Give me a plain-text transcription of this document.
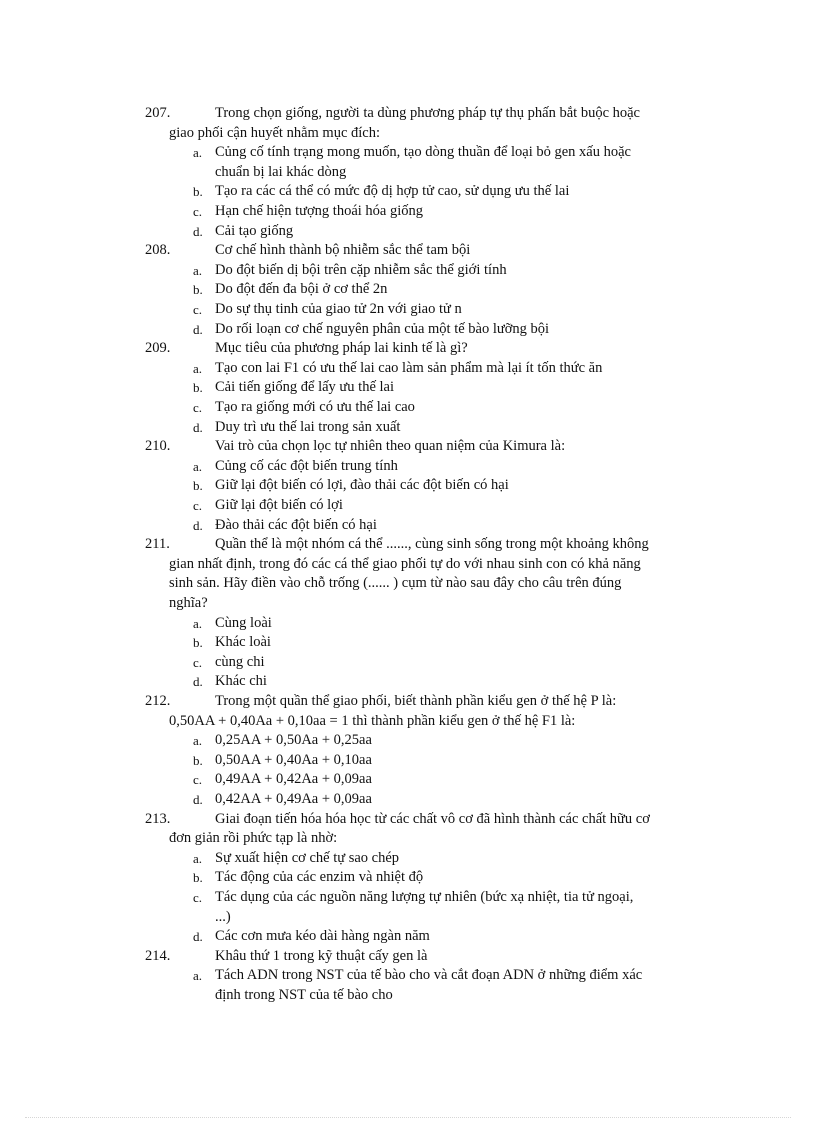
207.	Trong chọn giống, người ta dùng phương pháp tự thụ phấn bắt buộc hoặc
giao phối cận huyết nhằm mục đích:
a. Củng cố tính trạng mong muốn, tạo dòng thuần để loại bỏ gen xấu hoặc
chuẩn bị lai khác dòng
b. Tạo ra các cá thể có mức độ dị hợp tử cao, sử dụng ưu thế lai
c. Hạn chế hiện tượng thoái hóa giống
d. Cải tạo giống
208.	Cơ chế hình thành bộ nhiễm sắc thể tam bội
a. Do đột biến dị bội trên cặp nhiễm sắc thể giới tính
b. Do đột đến đa bội ở cơ thể 2n
c. Do sự thụ tinh của giao tử 2n với giao tử n
d. Do rối loạn cơ chế nguyên phân của một tế bào lưỡng bội
209.	Mục tiêu của phương pháp lai kinh tế là gì?
a. Tạo con lai F1 có ưu thế lai cao làm sản phẩm mà lại ít tốn thức ăn
b. Cải tiến giống để lấy ưu thế lai
c. Tạo ra giống mới có ưu thế lai cao
d. Duy trì ưu thế lai trong sản xuất
210.	Vai trò của chọn lọc tự nhiên theo quan niệm của Kimura là:
a. Củng cố các đột biến trung tính
b. Giữ lại đột biến có lợi, đào thải các đột biến có hại
c. Giữ lại đột biến có lợi
d. Đào thải các đột biến có hại
211.	Quần thể là một nhóm cá thể ......, cùng sinh sống trong một khoảng không
gian nhất định, trong đó các cá thể giao phối tự do với nhau sinh con có khả năng
sinh sản. Hãy điền vào chỗ trống (...... ) cụm từ nào sau đây cho câu trên đúng
nghĩa?
a. Cùng loài
b. Khác loài
c. cùng chi
d. Khác chi
212.	Trong một quần thể giao phối, biết thành phần kiểu gen ở thế hệ P là:
0,50AA + 0,40Aa + 0,10aa = 1 thì thành phần kiểu gen ở thế hệ F1 là:
a. 0,25AA + 0,50Aa + 0,25aa
b. 0,50AA + 0,40Aa + 0,10aa
c. 0,49AA + 0,42Aa + 0,09aa
d. 0,42AA + 0,49Aa + 0,09aa
213.	Giai đoạn tiến hóa hóa học từ các chất vô cơ đã hình thành các chất hữu cơ
đơn giản rồi phức tạp là nhờ:
a. Sự xuất hiện cơ chế tự sao chép
b. Tác động của các enzim và nhiệt độ
c. Tác dụng của các nguồn năng lượng tự nhiên (bức xạ nhiệt, tia tử ngoại,
...)
d. Các cơn mưa kéo dài hàng ngàn năm
214.	Khâu thứ 1 trong kỹ thuật cấy gen là
a. Tách ADN trong NST của tế bào cho và cắt đoạn ADN ở những điểm xác
định trong NST của tế bào cho
